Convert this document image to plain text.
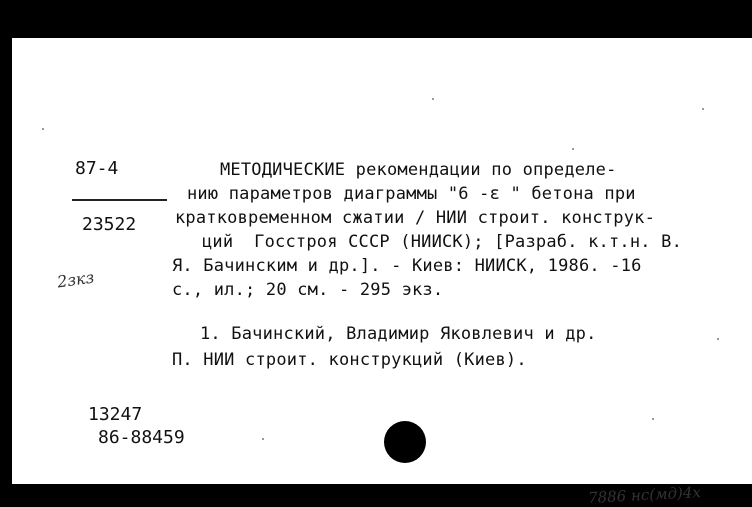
87-4
23522
2зкз
МЕТОДИЧЕСКИЕ рекомендации по определе-
нию параметров диаграммы "6 -ε " бетона при
кратковременном сжатии / НИИ строит. конструк-
ций  Госстроя СССР (НИИСК); [Разраб. к.т.н. В.
Я. Бачинским и др.]. - Киев: НИИСК, 1986. -16
с., ил.; 20 см. - 295 экз.
1. Бачинский, Владимир Яковлевич и др.
П. НИИ строит. конструкций (Киев).
13247
86-88459
7886 нс(мд)4х
